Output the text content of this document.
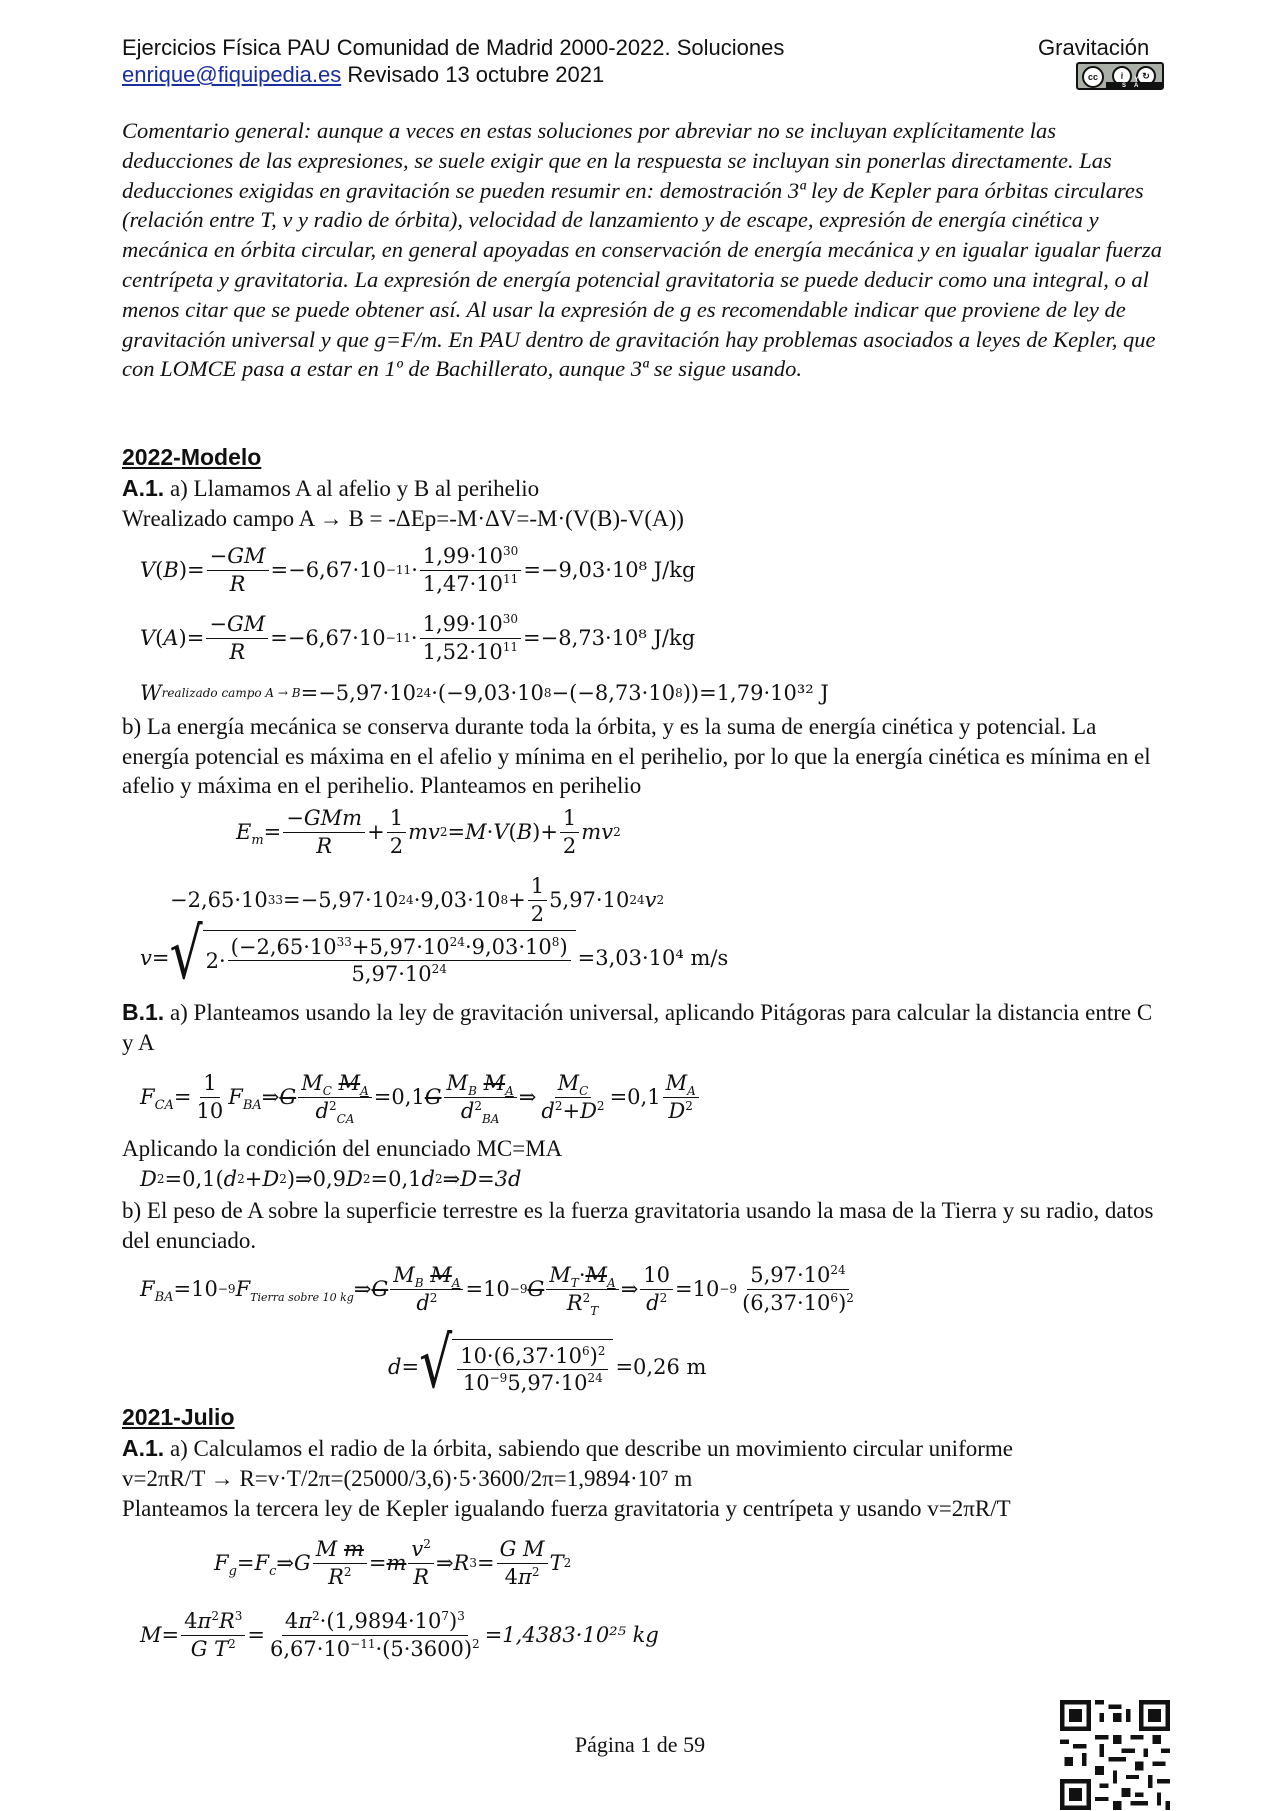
Ejercicios Física PAU Comunidad de Madrid 2000-2022. Soluciones	Gravitación
enrique@fiquipedia.es Revisado 13 octubre 2021	cc	i	↻
BY SA
Comentario general: aunque a veces en estas soluciones por abreviar no se incluyan explícitamente las deducciones de las expresiones, se suele exigir que en la respuesta se incluyan sin ponerlas directamente. Las deducciones exigidas en gravitación se pueden resumir en: demostración 3ª ley de Kepler para órbitas circulares (relación entre T, v y radio de órbita), velocidad de lanzamiento y de escape, expresión de energía cinética y mecánica en órbita circular, en general apoyadas en conservación de energía mecánica y en igualar igualar fuerza centrípeta y gravitatoria. La expresión de energía potencial gravitatoria se puede deducir como una integral, o al menos citar que se puede obtener así. Al usar la expresión de g es recomendable indicar que proviene de ley de gravitación universal y que g=F/m. En PAU dentro de gravitación hay problemas asociados a leyes de Kepler, que con LOMCE pasa a estar en 1º de Bachillerato, aunque 3ª se sigue usando.
2022-Modelo
A.1. a) Llamamos A al afelio y B al perihelio
Wrealizado campo A → B = -ΔEp=-M·ΔV=-M·(V(B)-V(A))
V ( B )= $\frac{-GM}{R} =-6,67\cdot 10 -11 \cdot \frac{1,99\cdot 10^{30}}{1,47\cdot 10^{11}} = -9,03\cdot 10^8$ J/kg
V ( A )= $\frac{-GM}{R} =-6,67\cdot 10 -11 \cdot \frac{1,99\cdot 10^{30}}{1,52\cdot 10^{11}} = -8,73\cdot 10^8$ J/kg
W realizado campo A → B =−5,97·10 24 ·(−9,03·10 8 −(−8,73·10 8 ))= 1,79·10³² J
b) La energía mecánica se conserva durante toda la órbita, y es la suma de energía cinética y potencial. La energía potencial es máxima en el afelio y mínima en el perihelio, por lo que la energía cinética es mínima en el afelio y máxima en el perihelio. Planteamos en perihelio
$E_m = \frac{\text{−GMm}}{R} + \frac{1}{2}$ mv 2 = M · V ( B )+ $\frac{1}{2}$ mv 2
−2,65·10 33 =−5,97·10 24 ·9,03·10 $8 + \frac{1}{2} 5,97\cdot 10$ 24 v 2
v = √ $2\cdot \frac{(-2,65\cdot 10^{33}+5,97\cdot 10^{24}\cdot 9,03\cdot 10^8)}{5,97\cdot 10^{24}} = 3,03\cdot 10^4$ m/s
B.1. a) Planteamos usando la ley de gravitación universal, aplicando Pitágoras para calcular la distancia entre C y A
$F_{CA} = \frac{1}{10} F_{BA}$ ⇒ G $\frac{M_C M_A}{d^2_{CA}} =0,1$ G $\frac{M_B M_A}{d^2_{BA}}$ ⇒ $\frac{M_C}{d^2+D^2} =0,1 \frac{M_A}{D^2}$
Aplicando la condición del enunciado MC=MA
D 2 =0,1( d 2 + D 2 )⇒0,9 D 2 =0,1 d 2 ⇒ D=3d
b) El peso de A sobre la superficie terrestre es la fuerza gravitatoria usando la masa de la Tierra y su radio, datos del enunciado.
$F_{BA} =10 -9$ $F_{Tierra sobre 10 kg}$ ⇒ G $\frac{M_B M_A}{d^2} =10 -9$ G $\frac{M_T\cdot M_A}{R^2_T}$ ⇒ $\frac{10}{d^2} =10 -9 \frac{5,97\cdot 10^{24}}{(6,37\cdot 10^6)^2}$
d = √ $\frac{10\cdot(6,37\cdot 10^6)^2}{10^{-9}5,97\cdot 10^{24}} = 0,26$ m
2021-Julio
A.1. a) Calculamos el radio de la órbita, sabiendo que describe un movimiento circular uniforme
v=2πR/T → R=v·T/2π=(25000/3,6)·5·3600/2π=1,9894·10⁷ m
Planteamos la tercera ley de Kepler igualando fuerza gravitatoria y centrípeta y usando v=2πR/T
$F_g = F_c$ ⇒ G $\frac{\text{M m}}{R^2} = m \frac{v^2}{R}$ ⇒ R $3 = \frac{\text{G M}}{4\pi^2}$ T 2
$M = \frac{4\pi^2R^3}{G T^2} = \frac{4\pi^2\cdot(1,9894\cdot 10^7)^3}{6,67\cdot 10^{-11}\cdot(5\cdot 3600)^2} = 1,4383\cdot 10^{25}$ kg
Página 1 de 59
